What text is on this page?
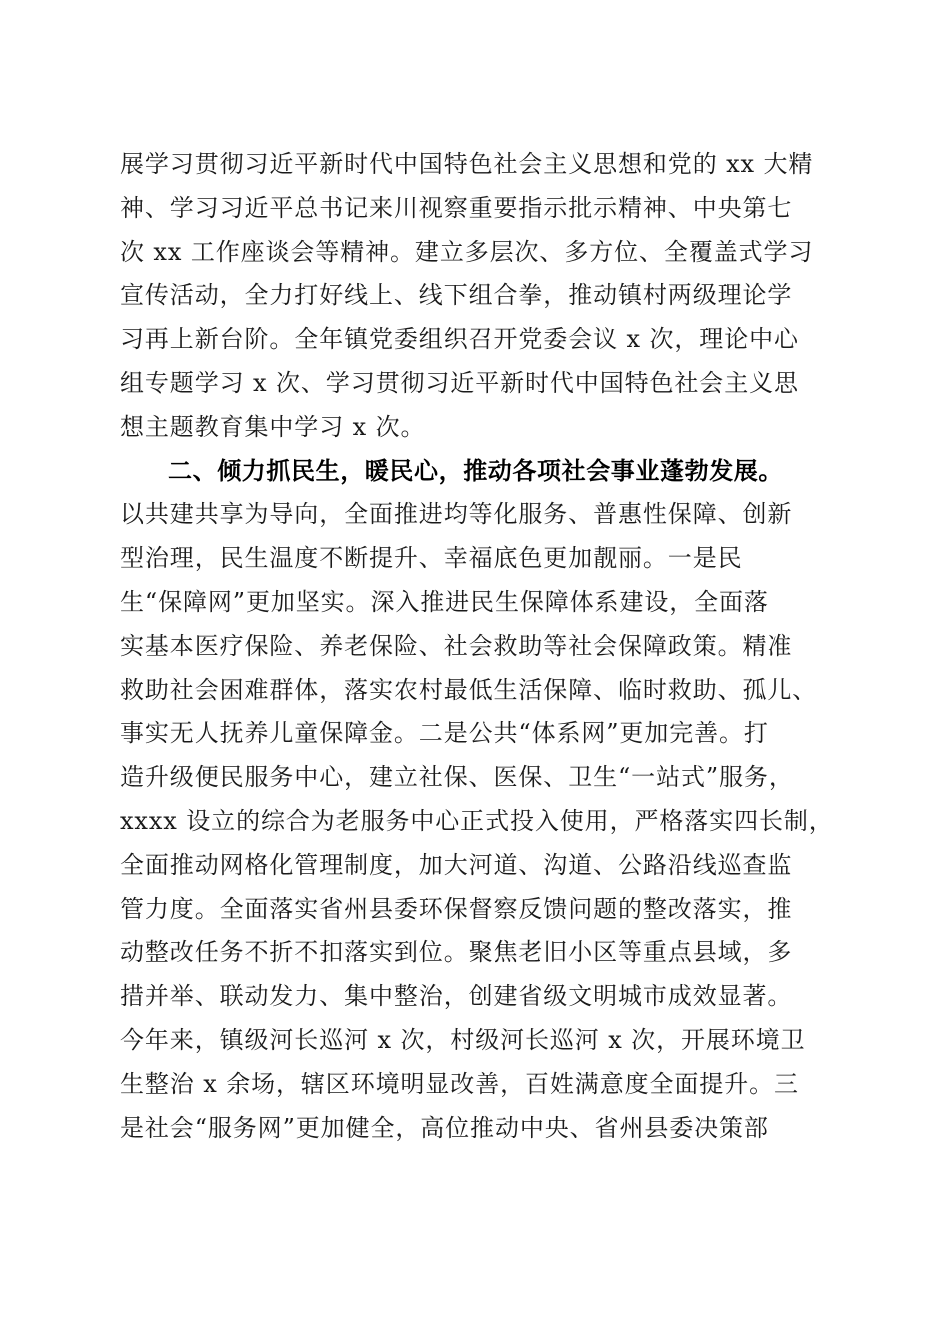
展学习贯彻习近平新时代中国特色社会主义思想和党的 xx 大精
神、学习习近平总书记来川视察重要指示批示精神、中央第七
次 xx 工作座谈会等精神。建立多层次、多方位、全覆盖式学习
宣传活动，全力打好线上、线下组合拳，推动镇村两级理论学
习再上新台阶。全年镇党委组织召开党委会议 x 次，理论中心
组专题学习 x 次、学习贯彻习近平新时代中国特色社会主义思
想主题教育集中学习 x 次。
二、倾力抓民生，暖民心，推动各项社会事业蓬勃发展。
以共建共享为导向，全面推进均等化服务、普惠性保障、创新
型治理，民生温度不断提升、幸福底色更加靓丽。一是民
生“保障网”更加坚实。深入推进民生保障体系建设，全面落
实基本医疗保险、养老保险、社会救助等社会保障政策。精准
救助社会困难群体，落实农村最低生活保障、临时救助、孤儿、
事实无人抚养儿童保障金。二是公共“体系网”更加完善。打
造升级便民服务中心，建立社保、医保、卫生“一站式”服务，
xxxx 设立的综合为老服务中心正式投入使用，严格落实四长制，
全面推动网格化管理制度，加大河道、沟道、公路沿线巡查监
管力度。全面落实省州县委环保督察反馈问题的整改落实，推
动整改任务不折不扣落实到位。聚焦老旧小区等重点县域，多
措并举、联动发力、集中整治，创建省级文明城市成效显著。
今年来，镇级河长巡河 x 次，村级河长巡河 x 次，开展环境卫
生整治 x 余场，辖区环境明显改善，百姓满意度全面提升。三
是社会“服务网”更加健全，高位推动中央、省州县委决策部
